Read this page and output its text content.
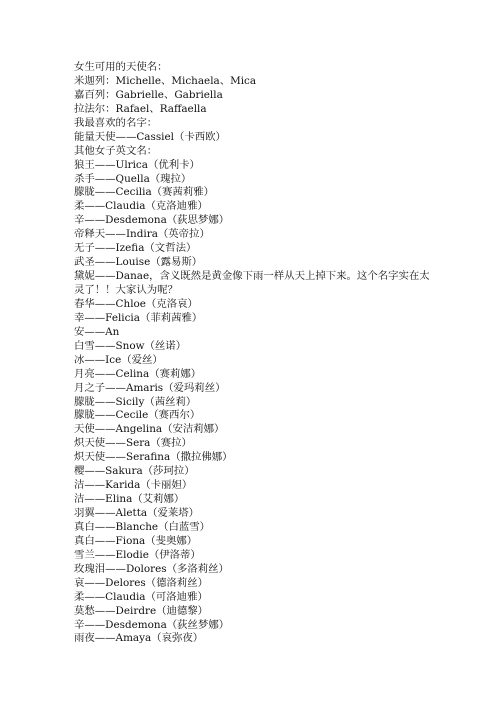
女生可用的天使名：
米迦列：Michelle、Michaela、Mica
嘉百列：Gabrielle、Gabriella
拉法尔：Rafael、Raffaella
我最喜欢的名字：
能量天使——Cassiel（卡西欧）
其他女子英文名：
狼王——Ulrica（优利卡）
杀手——Quella（瑰拉）
朦胧——Cecilia（赛茜莉雅）
柔——Claudia（克洛迪雅）
辛——Desdemona（荻思梦娜）
帝释天——Indira（英帝拉）
无子——Izefia（文哲法）
武圣——Louise（露易斯）
黛妮——Danae，含义既然是黄金像下雨一样从天上掉下来。这个名字实在太灵了！！大家认为呢？
春华——Chloe（克洛哀）
幸——Felicia（菲莉茜雅）
安——An
白雪——Snow（丝诺）
冰——Ice（爱丝）
月亮——Celina（赛莉娜）
月之子——Amaris（爱玛莉丝）
朦胧——Sicily（茜丝莉）
朦胧——Cecile（赛西尔）
天使——Angelina（安洁莉娜）
炽天使——Sera（赛拉）
炽天使——Serafina（撒拉佛娜）
樱——Sakura（莎珂拉）
洁——Karida（卡丽妲）
洁——Elina（艾莉娜）
羽翼——Aletta（爱莱塔）
真白——Blanche（白蓝雪）
真白——Fiona（斐奥娜）
雪兰——Elodie（伊洛蒂）
玫瑰泪——Dolores（多洛莉丝）
哀——Delores（德洛莉丝）
柔——Claudia（可洛迪雅）
莫愁——Deirdre（迪德黎）
辛——Desdemona（荻丝梦娜）
雨夜——Amaya（哀弥夜）
